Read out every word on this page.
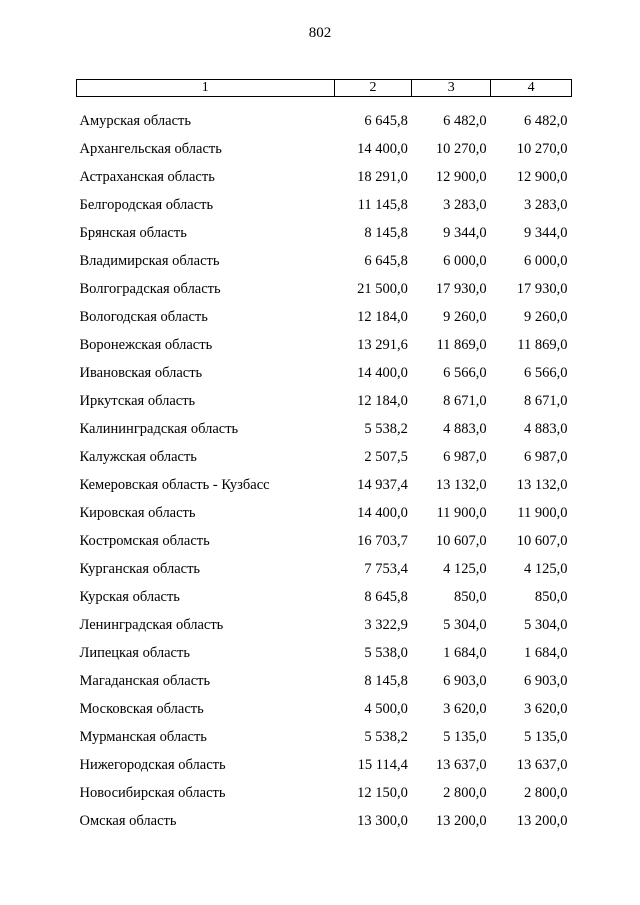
802
1	2	3	4
Амурская область	6 645,8	6 482,0	6 482,0
Архангельская область	14 400,0	10 270,0	10 270,0
Астраханская область	18 291,0	12 900,0	12 900,0
Белгородская область	11 145,8	3 283,0	3 283,0
Брянская область	8 145,8	9 344,0	9 344,0
Владимирская область	6 645,8	6 000,0	6 000,0
Волгоградская область	21 500,0	17 930,0	17 930,0
Вологодская область	12 184,0	9 260,0	9 260,0
Воронежская область	13 291,6	11 869,0	11 869,0
Ивановская область	14 400,0	6 566,0	6 566,0
Иркутская область	12 184,0	8 671,0	8 671,0
Калининградская область	5 538,2	4 883,0	4 883,0
Калужская область	2 507,5	6 987,0	6 987,0
Кемеровская область - Кузбасс	14 937,4	13 132,0	13 132,0
Кировская область	14 400,0	11 900,0	11 900,0
Костромская область	16 703,7	10 607,0	10 607,0
Курганская область	7 753,4	4 125,0	4 125,0
Курская область	8 645,8	850,0	850,0
Ленинградская область	3 322,9	5 304,0	5 304,0
Липецкая область	5 538,0	1 684,0	1 684,0
Магаданская область	8 145,8	6 903,0	6 903,0
Московская область	4 500,0	3 620,0	3 620,0
Мурманская область	5 538,2	5 135,0	5 135,0
Нижегородская область	15 114,4	13 637,0	13 637,0
Новосибирская область	12 150,0	2 800,0	2 800,0
Омская область	13 300,0	13 200,0	13 200,0
